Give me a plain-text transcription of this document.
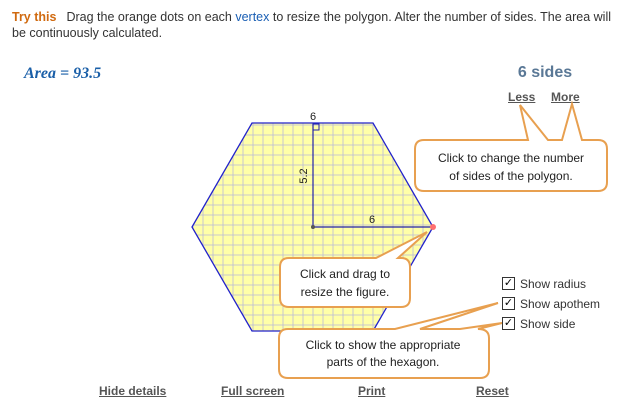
Try this Drag the orange dots on each vertex to resize the polygon. Alter the number of sides. The area will be continuously calculated.
Area = 93.5	6 sides
Less More
6
5.2
6
Click to change the number
of sides of the polygon.
Click and drag to
resize the figure.
Click to show the appropriate
parts of the hexagon.
✓ Show radius
✓ Show apothem
✓ Show side
Hide details	Full screen	Print	Reset
